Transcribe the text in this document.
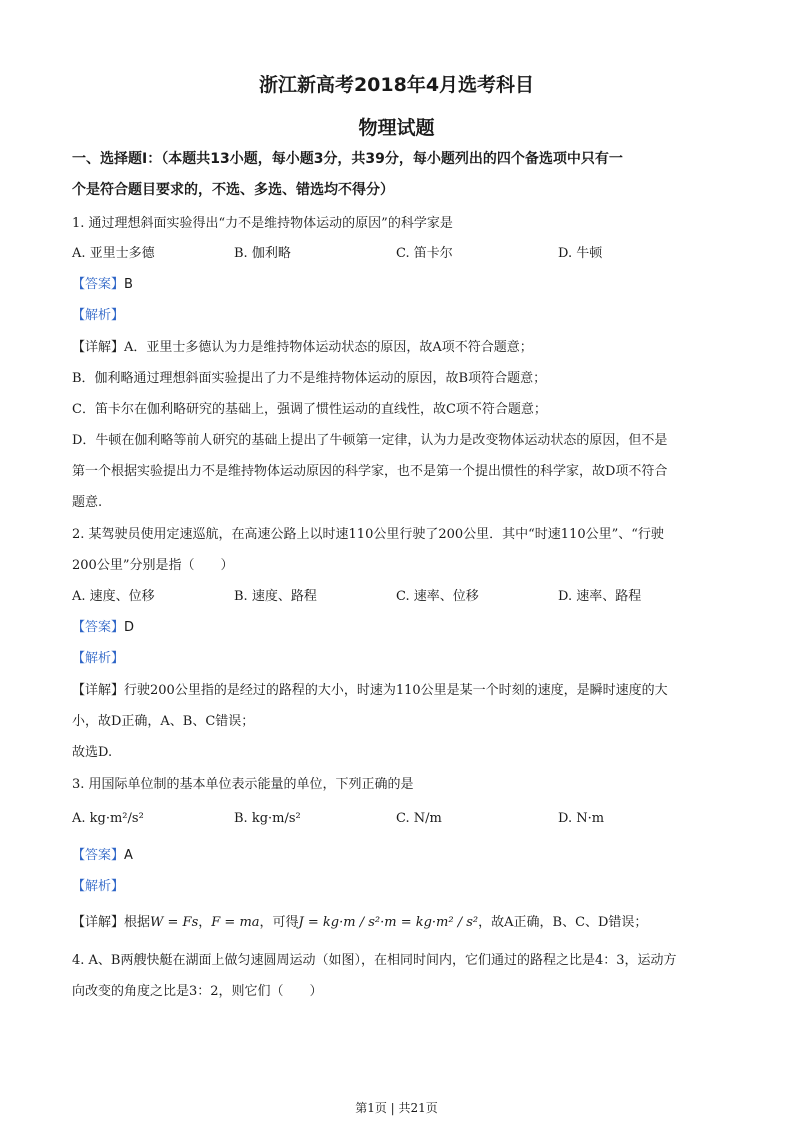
浙江新高考2018年4月选考科目
物理试题
一、选择题Ⅰ：（本题共13小题，每小题3分，共39分，每小题列出的四个备选项中只有一
个是符合题目要求的，不选、多选、错选均不得分）
1. 通过理想斜面实验得出“力不是维持物体运动的原因”的科学家是
A. 亚里士多德	B. 伽利略	C. 笛卡尔	D. 牛顿
【答案】B
【解析】
【详解】A．亚里士多德认为力是维持物体运动状态的原因，故A项不符合题意；
B．伽利略通过理想斜面实验提出了力不是维持物体运动的原因，故B项符合题意；
C．笛卡尔在伽利略研究的基础上，强调了惯性运动的直线性，故C项不符合题意；
D．牛顿在伽利略等前人研究的基础上提出了牛顿第一定律，认为力是改变物体运动状态的原因，但不是
第一个根据实验提出力不是维持物体运动原因的科学家，也不是第一个提出惯性的科学家，故D项不符合
题意.
2. 某驾驶员使用定速巡航，在高速公路上以时速110公里行驶了200公里．其中“时速110公里”、“行驶
200公里”分别是指（　　）
A. 速度、位移	B. 速度、路程	C. 速率、位移	D. 速率、路程
【答案】D
【解析】
【详解】行驶200公里指的是经过的路程的大小，时速为110公里是某一个时刻的速度，是瞬时速度的大
小，故D正确，A、B、C错误；
故选D.
3. 用国际单位制的基本单位表示能量的单位，下列正确的是
A. kg·m²/s²	B. kg·m/s²	C. N/m	D. N·m
【答案】A
【解析】
【详解】根据W = Fs，F = ma，可得J = kg·m / s²·m = kg·m² / s²，故A正确，B、C、D错误；
4. A、B两艘快艇在湖面上做匀速圆周运动（如图），在相同时间内，它们通过的路程之比是4：3，运动方
向改变的角度之比是3：2，则它们（　　）
第1页 | 共21页
